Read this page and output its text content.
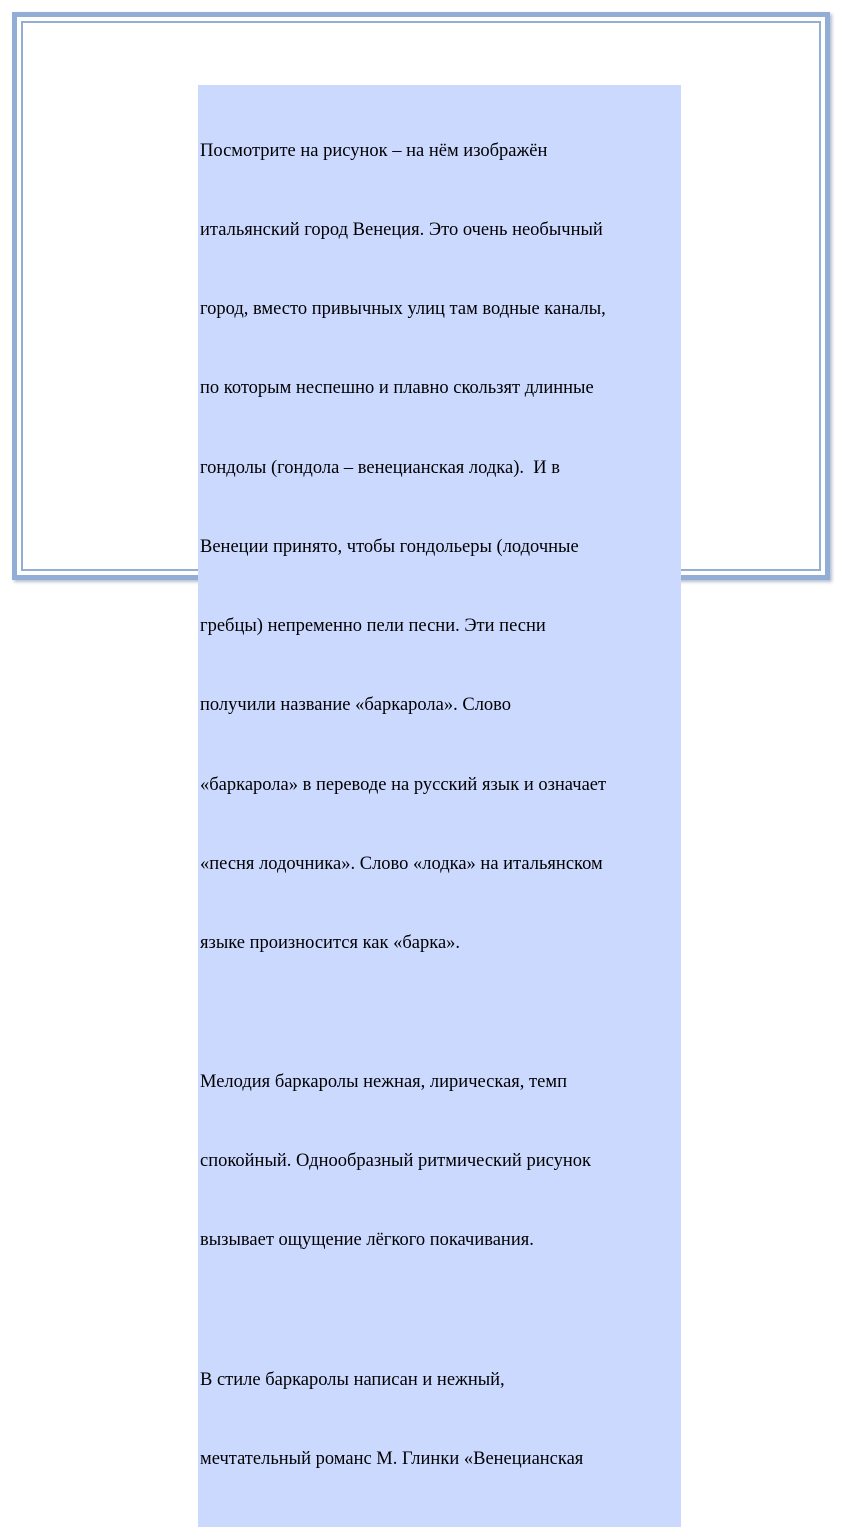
Посмотрите на рисунок – на нём изображён

итальянский город Венеция. Это очень необычный

город, вместо привычных улиц там водные каналы,

по которым неспешно и плавно скользят длинные

гондолы (гондола – венецианская лодка).  И в

Венеции принято, чтобы гондольеры (лодочные

гребцы) непременно пели песни. Эти песни

получили название «баркарола». Слово

«баркарола» в переводе на русский язык и означает

«песня лодочника». Слово «лодка» на итальянском

языке произносится как «барка».

Мелодия баркаролы нежная, лирическая, темп

спокойный. Однообразный ритмический рисунок

вызывает ощущение лёгкого покачивания.

В стиле баркаролы написан и нежный,

мечтательный романс М. Глинки «Венецианская
